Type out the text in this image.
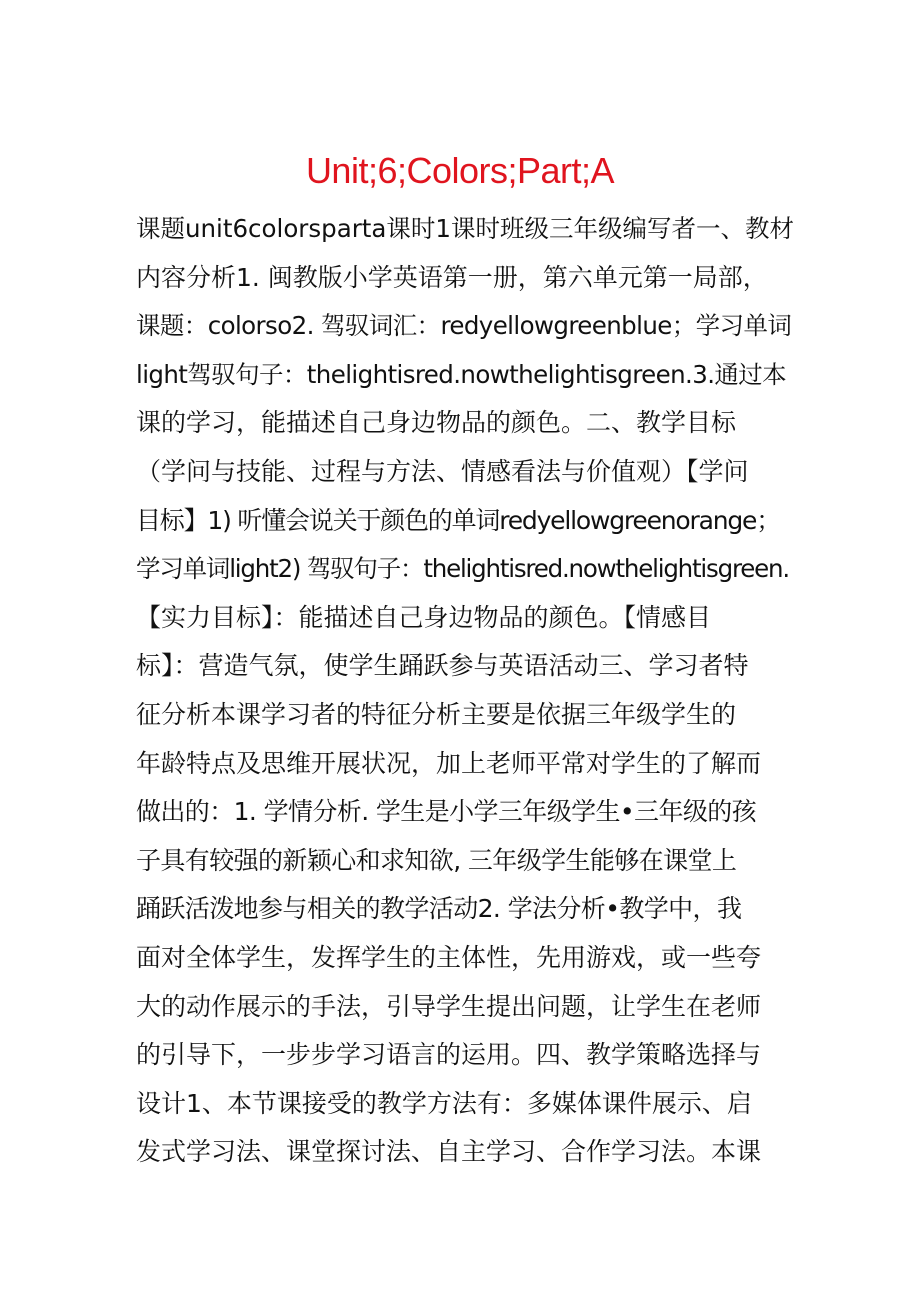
Unit;6;Colors;Part;A
课题unit6colorsparta课时1课时班级三年级编写者一、教材
内容分析1. 闽教版小学英语第一册，第六单元第一局部，
课题：colorso2. 驾驭词汇：redyellowgreenblue；学习单词
light驾驭句子：thelightisred.nowthelightisgreen.3.通过本
课的学习，能描述自己身边物品的颜色。二、教学目标
（学问与技能、过程与方法、情感看法与价值观）【学问
目标】1) 听懂会说关于颜色的单词redyellowgreenorange；
学习单词light2) 驾驭句子：thelightisred.nowthelightisgreen.
【实力目标】：能描述自己身边物品的颜色。【情感目
标】：营造气氛，使学生踊跃参与英语活动三、学习者特
征分析本课学习者的特征分析主要是依据三年级学生的
年龄特点及思维开展状况，加上老师平常对学生的了解而
做出的：1. 学情分析. 学生是小学三年级学生•三年级的孩
子具有较强的新颖心和求知欲, 三年级学生能够在课堂上
踊跃活泼地参与相关的教学活动2. 学法分析•教学中，我
面对全体学生，发挥学生的主体性，先用游戏，或一些夸
大的动作展示的手法，引导学生提出问题，让学生在老师
的引导下，一步步学习语言的运用。四、教学策略选择与
设计1、本节课接受的教学方法有：多媒体课件展示、启
发式学习法、课堂探讨法、自主学习、合作学习法。本课
